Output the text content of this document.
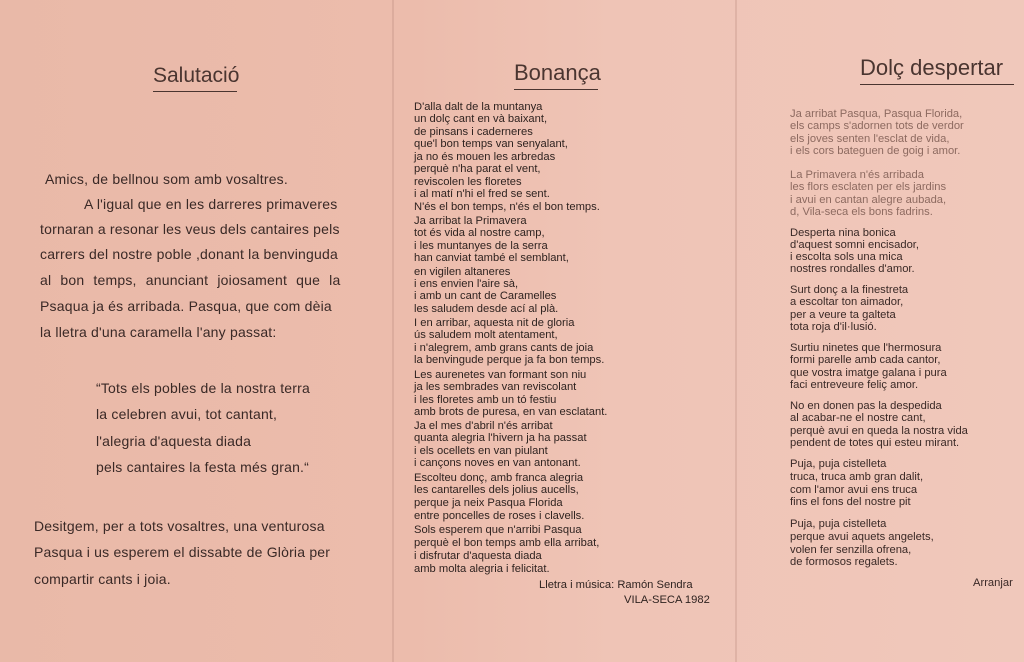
Salutació
Amics, de bellnou som amb vosaltres.
A l'igual que en les darreres primaveres
tornaran a resonar les veus dels cantaires pels
carrers del nostre poble ,donant la benvinguda
al bon temps, anunciant joiosament que la
Psaqua ja és arribada. Pasqua, que com dèia
la lletra d'una caramella l'any passat:
“Tots els pobles de la nostra terra
la celebren avui, tot cantant,
l'alegria d'aquesta diada
pels cantaires la festa més gran.“
Desitgem, per a tots vosaltres, una venturosa
Pasqua i us esperem el dissabte de Glòria per
compartir cants i joia.
Bonança
D'alla dalt de la muntanya
un dolç cant en và baixant,
de pinsans i caderneres
que'l bon temps van senyalant,
ja no és mouen les arbredas
perquè n'ha parat el vent,
reviscolen les floretes
i al matí n'hi el fred se sent.
N'és el bon temps, n'és el bon temps.
Ja arribat la Primavera
tot és vida al nostre camp,
i les muntanyes de la serra
han canviat també el semblant,
en vigilen altaneres
i ens envien l'aire sà,
i amb un cant de Caramelles
les saludem desde ací al plà.
I en arribar, aquesta nit de gloria
ús saludem molt atentament,
i n'alegrem, amb grans cants de joia
la benvingude perque ja fa bon temps.
Les aurenetes van formant son niu
ja les sembrades van reviscolant
i les floretes amb un tó festiu
amb brots de puresa, en van esclatant.
Ja el mes d'abril n'és arribat
quanta alegria l'hivern ja ha passat
i els ocellets en van piulant
i cançons noves en van antonant.
Escolteu donç, amb franca alegria
les cantarelles dels jolius aucells,
perque ja neix Pasqua Florida
entre poncelles de roses i clavells.
Sols esperem que n'arribi Pasqua
perquè el bon temps amb ella arribat,
i disfrutar d'aquesta diada
amb molta alegria i felicitat.
Lletra i música: Ramón Sendra
VILA-SECA 1982
Dolç despertar
Ja arribat Pasqua, Pasqua Florida,
els camps s'adornen tots de verdor
els joves senten l'esclat de vida,
i els cors bateguen de goig i amor.
La Primavera n'és arribada
les flors esclaten per els jardins
i avui en cantan alegre aubada,
d, Vila-seca els bons fadrins.
Desperta nina bonica
d'aquest somni encisador,
i escolta sols una mica
nostres rondalles d'amor.
Surt donç a la finestreta
a escoltar ton aimador,
per a veure ta galteta
tota roja d'il·lusió.
Surtiu ninetes que l'hermosura
formi parelle amb cada cantor,
que vostra imatge galana i pura
faci entreveure feliç amor.
No en donen pas la despedida
al acabar-ne el nostre cant,
perquè avui en queda la nostra vida
pendent de totes qui esteu mirant.
Puja, puja cistelleta
truca, truca amb gran dalit,
com l'amor avui ens truca
fins el fons del nostre pit
Puja, puja cistelleta
perque avui aquets angelets,
volen fer senzilla ofrena,
de formosos regalets.
Arranjar
